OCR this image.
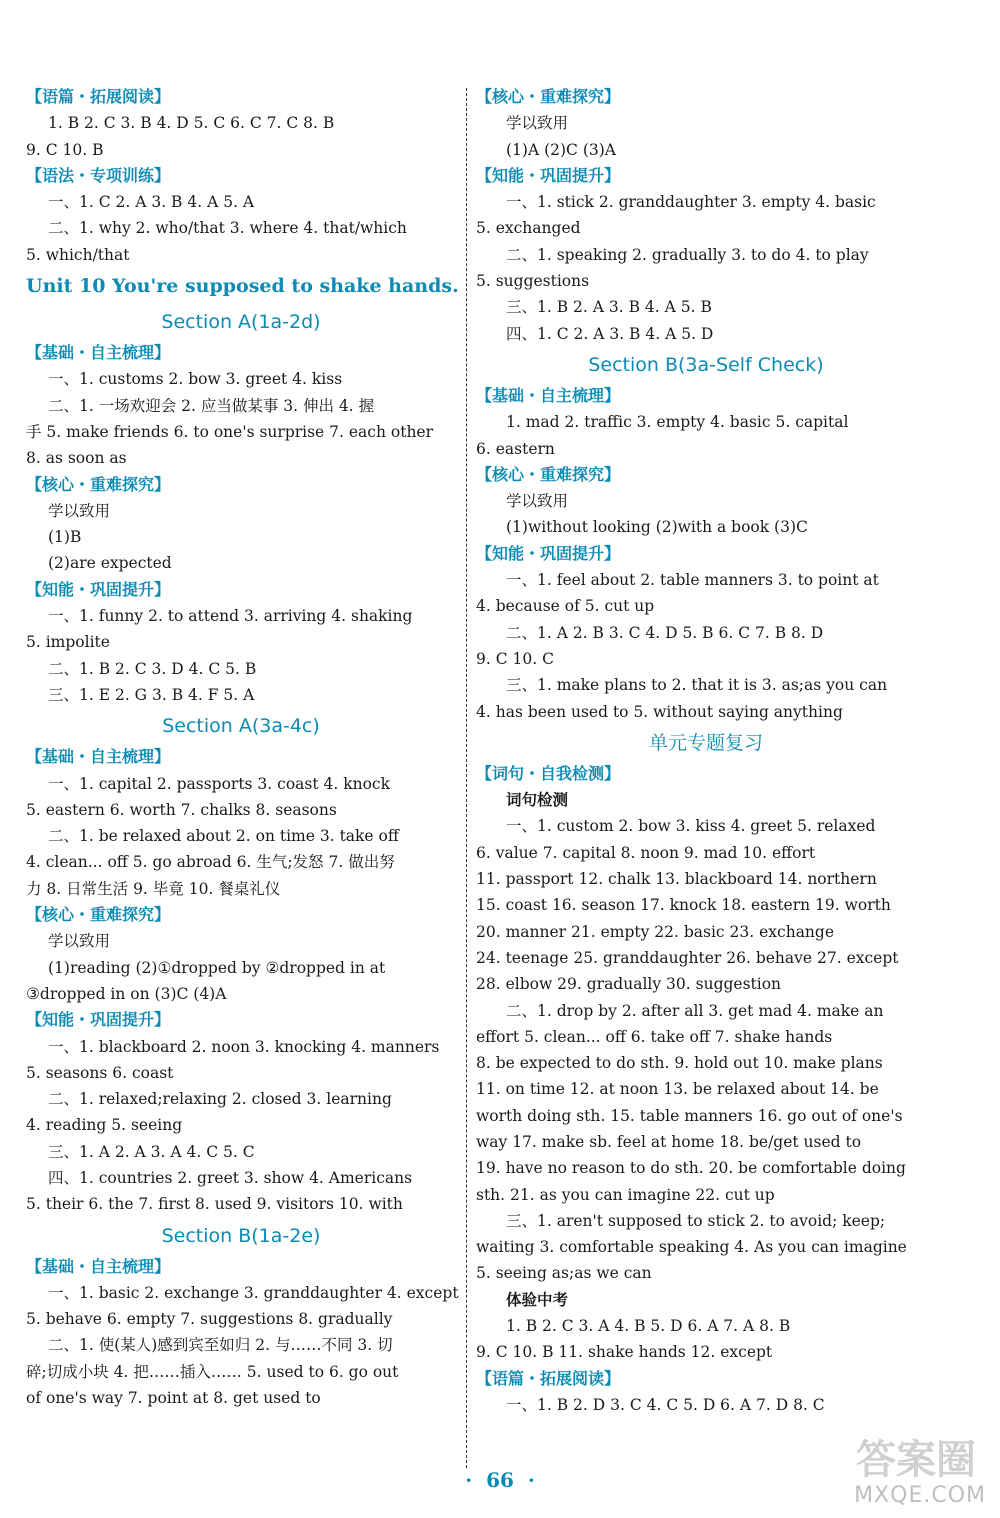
【语篇・拓展阅读】
1. B 2. C 3. B 4. D 5. C 6. C 7. C 8. B
9. C 10. B
【语法・专项训练】
一、1. C 2. A 3. B 4. A 5. A
二、1. why 2. who/that 3. where 4. that/which
5. which/that
Unit 10 You're supposed to shake hands.
Section A(1a-2d)
【基础・自主梳理】
一、1. customs 2. bow 3. greet 4. kiss
二、1. 一场欢迎会 2. 应当做某事 3. 伸出 4. 握
手 5. make friends 6. to one's surprise 7. each other
8. as soon as
【核心・重难探究】
学以致用
(1)B
(2)are expected
【知能・巩固提升】
一、1. funny 2. to attend 3. arriving 4. shaking
5. impolite
二、1. B 2. C 3. D 4. C 5. B
三、1. E 2. G 3. B 4. F 5. A
Section A(3a-4c)
【基础・自主梳理】
一、1. capital 2. passports 3. coast 4. knock
5. eastern 6. worth 7. chalks 8. seasons
二、1. be relaxed about 2. on time 3. take off
4. clean... off 5. go abroad 6. 生气;发怒 7. 做出努
力 8. 日常生活 9. 毕竟 10. 餐桌礼仪
【核心・重难探究】
学以致用
(1)reading (2)①dropped by ②dropped in at
③dropped in on (3)C (4)A
【知能・巩固提升】
一、1. blackboard 2. noon 3. knocking 4. manners
5. seasons 6. coast
二、1. relaxed;relaxing 2. closed 3. learning
4. reading 5. seeing
三、1. A 2. A 3. A 4. C 5. C
四、1. countries 2. greet 3. show 4. Americans
5. their 6. the 7. first 8. used 9. visitors 10. with
Section B(1a-2e)
【基础・自主梳理】
一、1. basic 2. exchange 3. granddaughter 4. except
5. behave 6. empty 7. suggestions 8. gradually
二、1. 使(某人)感到宾至如归 2. 与……不同 3. 切
碎;切成小块 4. 把……插入…… 5. used to 6. go out
of one's way 7. point at 8. get used to
【核心・重难探究】
学以致用
(1)A (2)C (3)A
【知能・巩固提升】
一、1. stick 2. granddaughter 3. empty 4. basic
5. exchanged
二、1. speaking 2. gradually 3. to do 4. to play
5. suggestions
三、1. B 2. A 3. B 4. A 5. B
四、1. C 2. A 3. B 4. A 5. D
Section B(3a-Self Check)
【基础・自主梳理】
1. mad 2. traffic 3. empty 4. basic 5. capital
6. eastern
【核心・重难探究】
学以致用
(1)without looking (2)with a book (3)C
【知能・巩固提升】
一、1. feel about 2. table manners 3. to point at
4. because of 5. cut up
二、1. A 2. B 3. C 4. D 5. B 6. C 7. B 8. D
9. C 10. C
三、1. make plans to 2. that it is 3. as;as you can
4. has been used to 5. without saying anything
单元专题复习
【词句・自我检测】
词句检测
一、1. custom 2. bow 3. kiss 4. greet 5. relaxed
6. value 7. capital 8. noon 9. mad 10. effort
11. passport 12. chalk 13. blackboard 14. northern
15. coast 16. season 17. knock 18. eastern 19. worth
20. manner 21. empty 22. basic 23. exchange
24. teenage 25. granddaughter 26. behave 27. except
28. elbow 29. gradually 30. suggestion
二、1. drop by 2. after all 3. get mad 4. make an
effort 5. clean... off 6. take off 7. shake hands
8. be expected to do sth. 9. hold out 10. make plans
11. on time 12. at noon 13. be relaxed about 14. be
worth doing sth. 15. table manners 16. go out of one's
way 17. make sb. feel at home 18. be/get used to
19. have no reason to do sth. 20. be comfortable doing
sth. 21. as you can imagine 22. cut up
三、1. aren't supposed to stick 2. to avoid; keep;
waiting 3. comfortable speaking 4. As you can imagine
5. seeing as;as we can
体验中考
1. B 2. C 3. A 4. B 5. D 6. A 7. A 8. B
9. C 10. B 11. shake hands 12. except
【语篇・拓展阅读】
一、1. B 2. D 3. C 4. C 5. D 6. A 7. D 8. C
·  66  ·	答案圈
MXQE.COM
